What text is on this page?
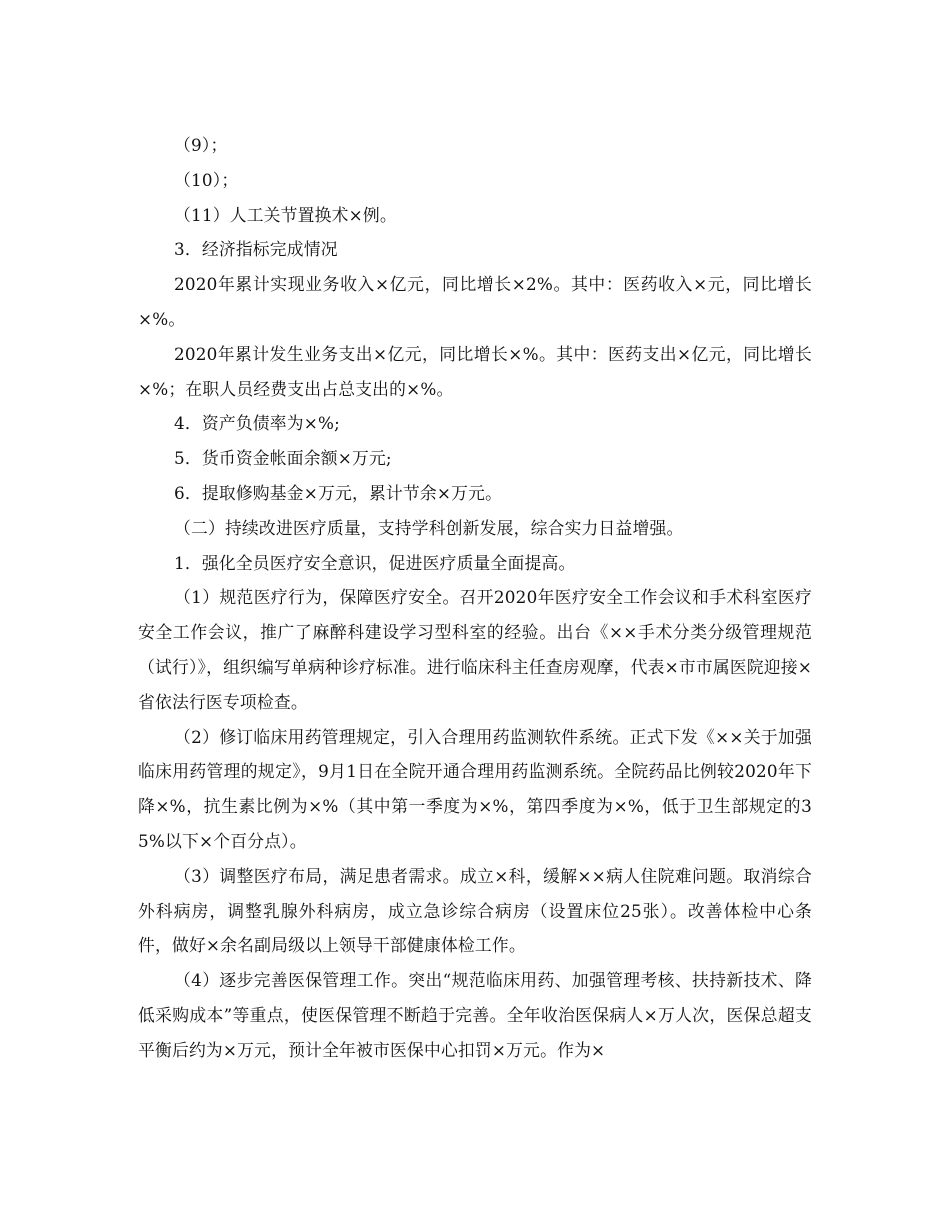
（9）；

（10）；

（11）人工关节置换术×例。

3．经济指标完成情况

2020年累计实现业务收入×亿元，同比增长×2%。其中：医药收入×元，同比增长×%。

2020年累计发生业务支出×亿元，同比增长×%。其中：医药支出×亿元，同比增长×%；在职人员经费支出占总支出的×%。

4．资产负债率为×%;

5．货币资金帐面余额×万元;

6．提取修购基金×万元，累计节余×万元。

（二）持续改进医疗质量，支持学科创新发展，综合实力日益增强。

1．强化全员医疗安全意识，促进医疗质量全面提高。

（1）规范医疗行为，保障医疗安全。召开2020年医疗安全工作会议和手术科室医疗安全工作会议，推广了麻醉科建设学习型科室的经验。出台《××手术分类分级管理规范（试行）》，组织编写单病种诊疗标准。进行临床科主任查房观摩，代表×市市属医院迎接×省依法行医专项检查。

（2）修订临床用药管理规定，引入合理用药监测软件系统。正式下发《××关于加强临床用药管理的规定》，9月1日在全院开通合理用药监测系统。全院药品比例较2020年下降×%，抗生素比例为×%（其中第一季度为×%，第四季度为×%，低于卫生部规定的35%以下×个百分点）。

（3）调整医疗布局，满足患者需求。成立×科，缓解××病人住院难问题。取消综合外科病房，调整乳腺外科病房，成立急诊综合病房（设置床位25张）。改善体检中心条件，做好×余名副局级以上领导干部健康体检工作。

（4）逐步完善医保管理工作。突出“规范临床用药、加强管理考核、扶持新技术、降低采购成本”等重点，使医保管理不断趋于完善。全年收治医保病人×万人次，医保总超支平衡后约为×万元，预计全年被市医保中心扣罚×万元。作为×
